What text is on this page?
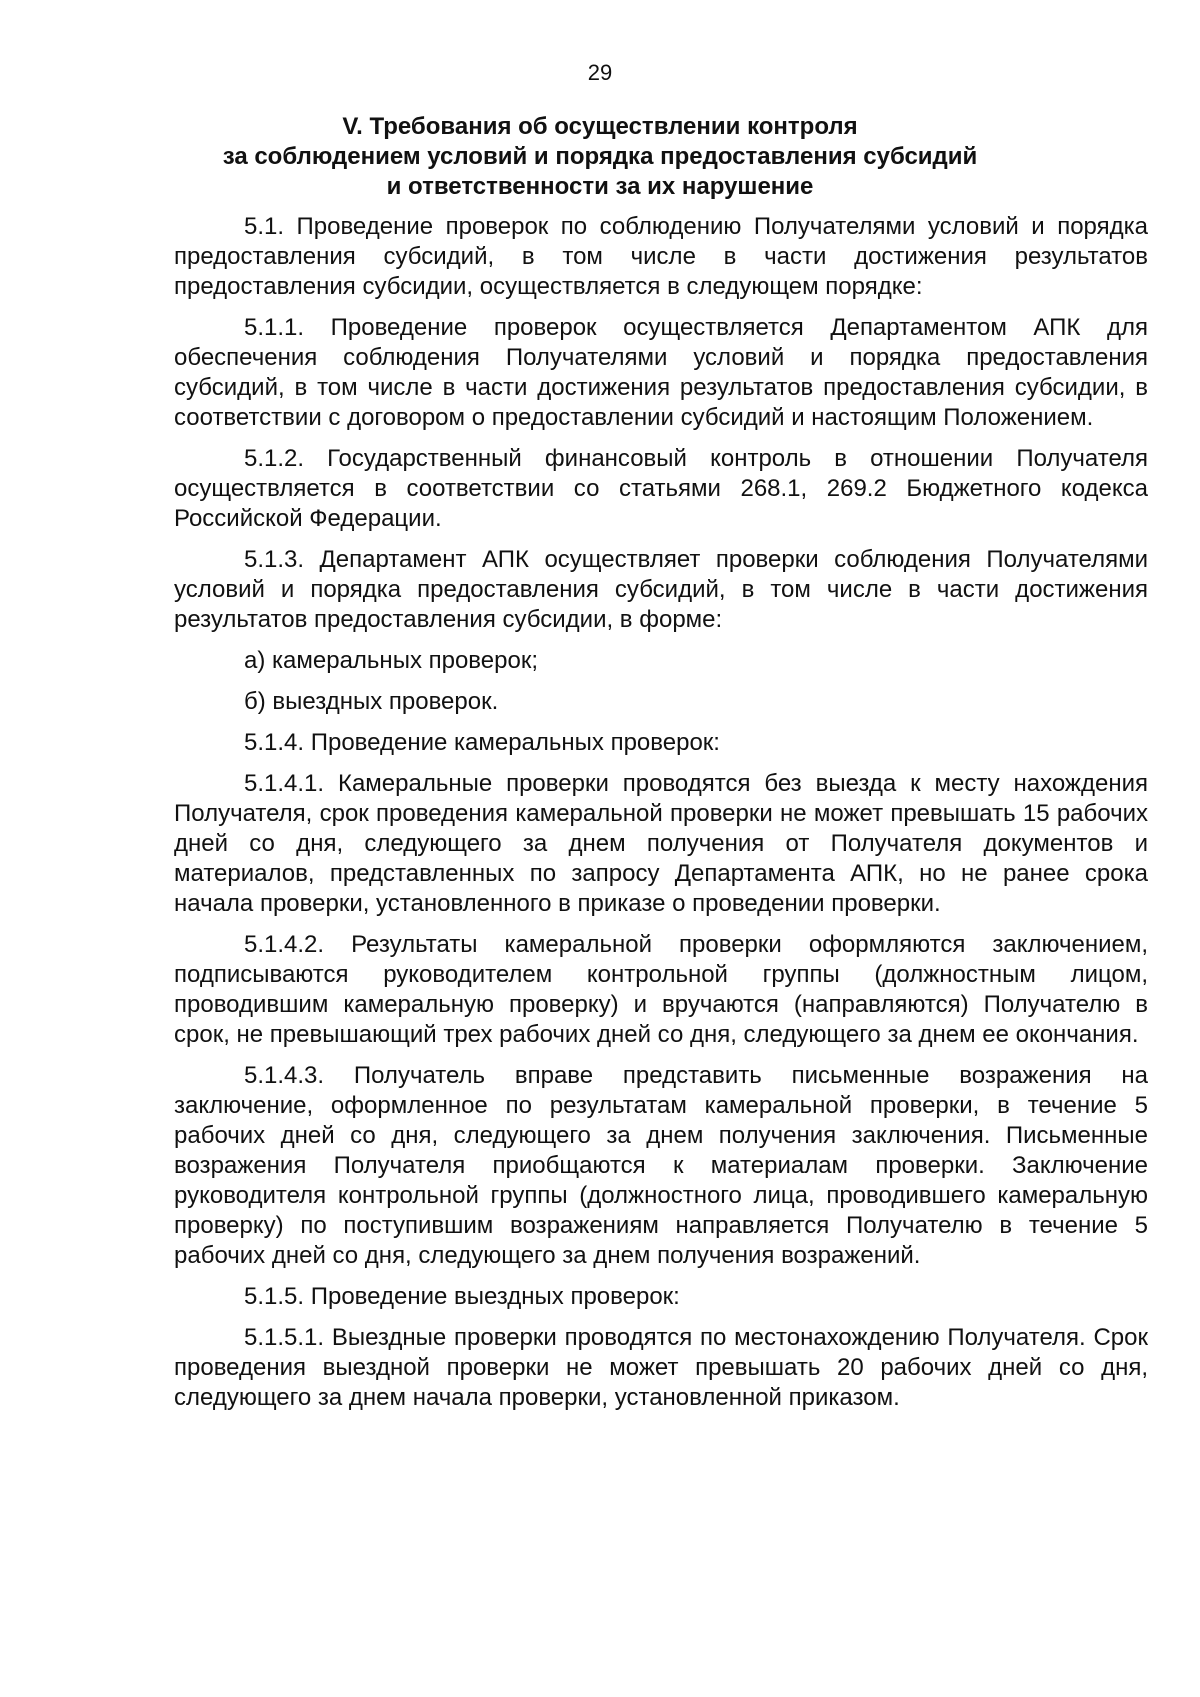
29
V. Требования об осуществлении контроля
за соблюдением условий и порядка предоставления субсидий
и ответственности за их нарушение

5.1. Проведение проверок по соблюдению Получателями условий и порядка предоставления субсидий, в том числе в части достижения результатов предоставления субсидии, осуществляется в следующем порядке:

5.1.1. Проведение проверок осуществляется Департаментом АПК для обеспечения соблюдения Получателями условий и порядка предоставления субсидий, в том числе в части достижения результатов предоставления субсидии, в соответствии с договором о предоставлении субсидий и настоящим Положением.

5.1.2. Государственный финансовый контроль в отношении Получателя осуществляется в соответствии со статьями 268.1, 269.2 Бюджетного кодекса Российской Федерации.

5.1.3. Департамент АПК осуществляет проверки соблюдения Получателями условий и порядка предоставления субсидий, в том числе в части достижения результатов предоставления субсидии, в форме:

а) камеральных проверок;

б) выездных проверок.

5.1.4. Проведение камеральных проверок:

5.1.4.1. Камеральные проверки проводятся без выезда к месту нахождения Получателя, срок проведения камеральной проверки не может превышать 15 рабочих дней со дня, следующего за днем получения от Получателя документов и материалов, представленных по запросу Департамента АПК, но не ранее срока начала проверки, установленного в приказе о проведении проверки.

5.1.4.2. Результаты камеральной проверки оформляются заключением, подписываются руководителем контрольной группы (должностным лицом, проводившим камеральную проверку) и вручаются (направляются) Получателю в срок, не превышающий трех рабочих дней со дня, следующего за днем ее окончания.

5.1.4.3. Получатель вправе представить письменные возражения на заключение, оформленное по результатам камеральной проверки, в течение 5 рабочих дней со дня, следующего за днем получения заключения. Письменные возражения Получателя приобщаются к материалам проверки. Заключение руководителя контрольной группы (должностного лица, проводившего камеральную проверку) по поступившим возражениям направляется Получателю в течение 5 рабочих дней со дня, следующего за днем получения возражений.

5.1.5. Проведение выездных проверок:

5.1.5.1. Выездные проверки проводятся по местонахождению Получателя. Срок проведения выездной проверки не может превышать 20 рабочих дней со дня, следующего за днем начала проверки, установленной приказом.
